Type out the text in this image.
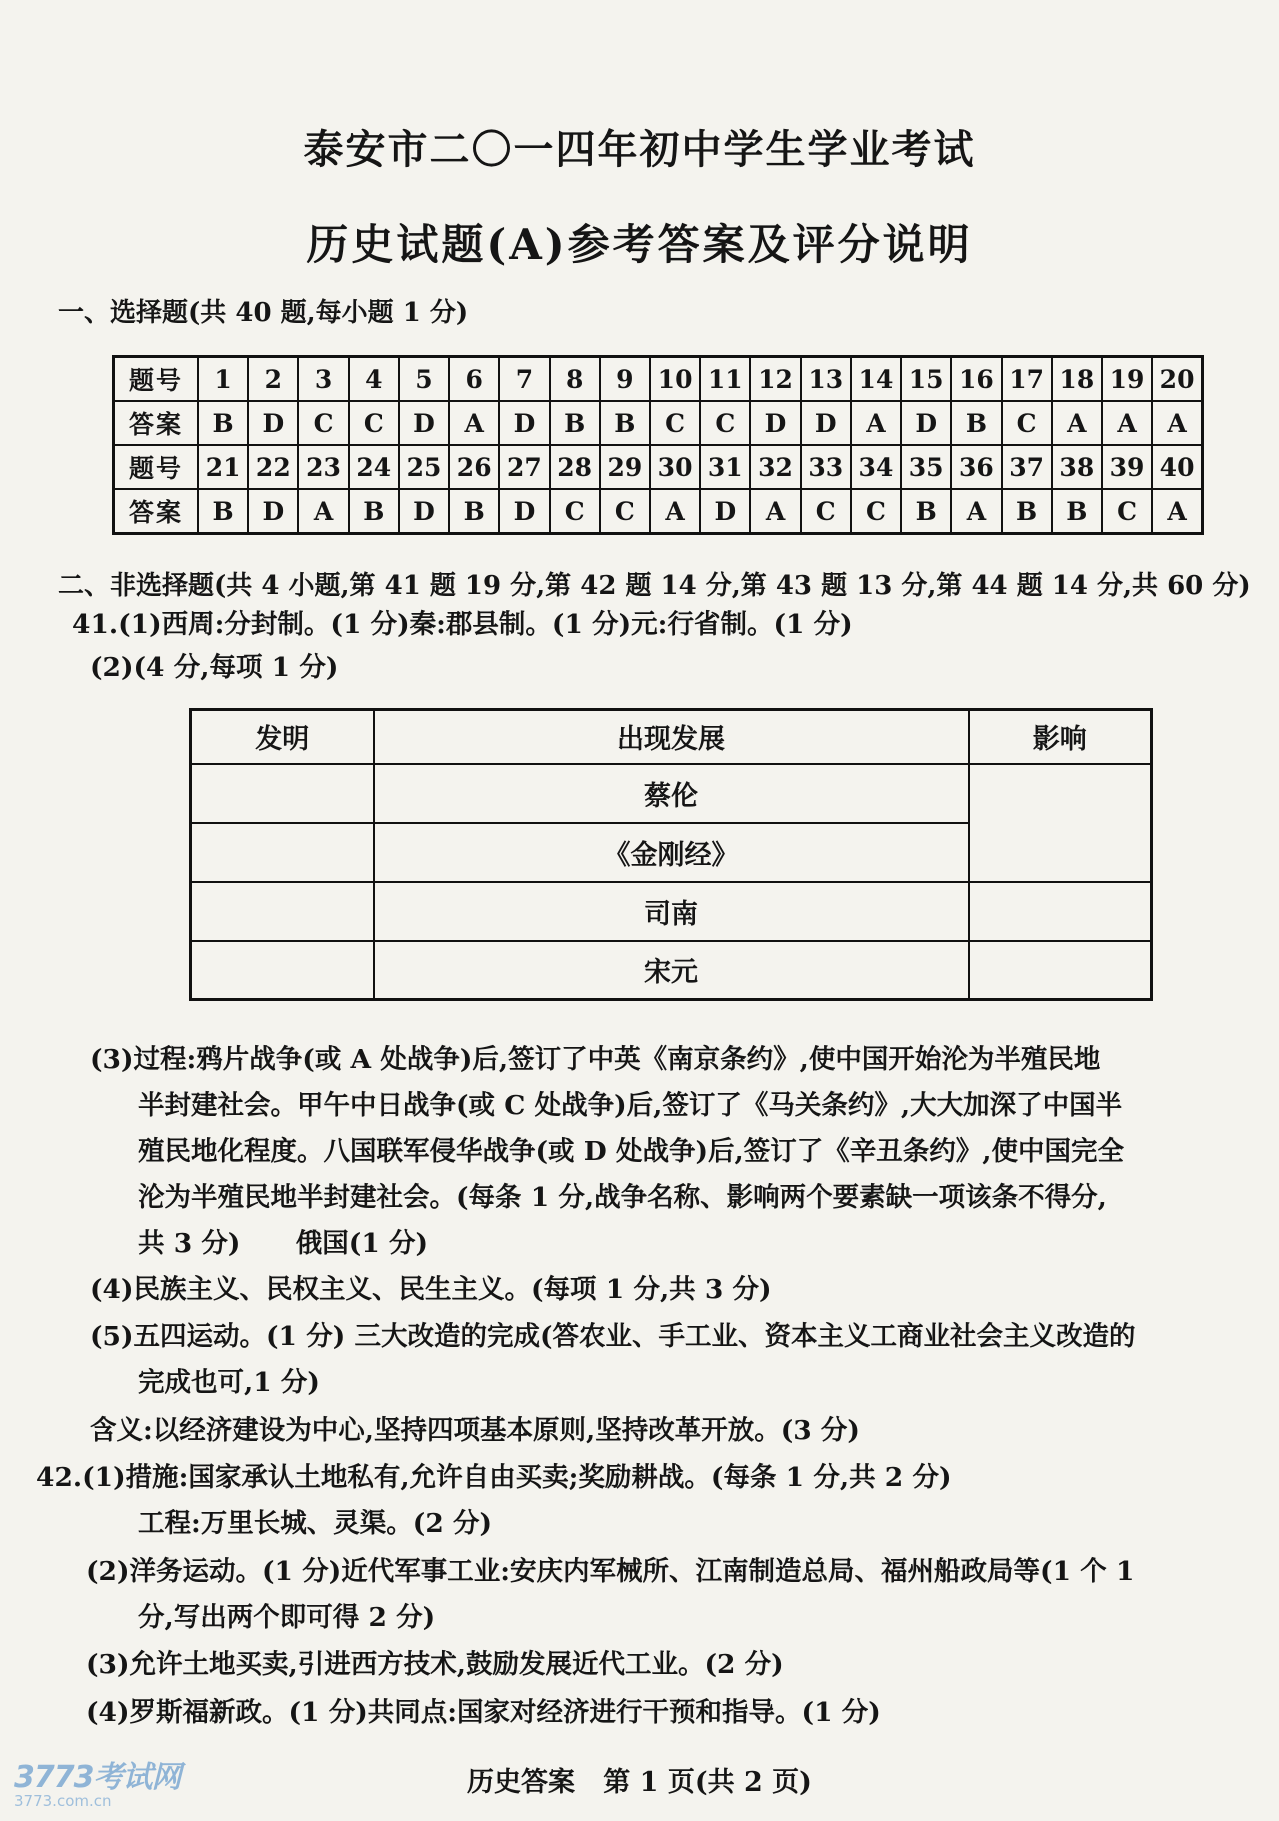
泰安市二〇一四年初中学生学业考试
历史试题(A)参考答案及评分说明
一、选择题(共 40 题,每小题 1 分)
题号	1	2	3	4	5	6	7	8	9	10	11	12	13	14	15	16	17	18	19	20
答案	B	D	C	C	D	A	D	B	B	C	C	D	D	A	D	B	C	A	A	A
题号	21	22	23	24	25	26	27	28	29	30	31	32	33	34	35	36	37	38	39	40
答案	B	D	A	B	D	B	D	C	C	A	D	A	C	C	B	A	B	B	C	A
二、非选择题(共 4 小题,第 41 题 19 分,第 42 题 14 分,第 43 题 13 分,第 44 题 14 分,共 60 分)
41.(1)西周:分封制。(1 分)秦:郡县制。(1 分)元:行省制。(1 分)
(2)(4 分,每项 1 分)
发明	出现发展	影响
	蔡伦	
	《金刚经》	
	司南	
	宋元	
(3)过程:鸦片战争(或 A 处战争)后,签订了中英《南京条约》,使中国开始沦为半殖民地
半封建社会。甲午中日战争(或 C 处战争)后,签订了《马关条约》,大大加深了中国半
殖民地化程度。八国联军侵华战争(或 D 处战争)后,签订了《辛丑条约》,使中国完全
沦为半殖民地半封建社会。(每条 1 分,战争名称、影响两个要素缺一项该条不得分,
共 3 分)      俄国(1 分)
(4)民族主义、民权主义、民生主义。(每项 1 分,共 3 分)
(5)五四运动。(1 分) 三大改造的完成(答农业、手工业、资本主义工商业社会主义改造的
完成也可,1 分)
含义:以经济建设为中心,坚持四项基本原则,坚持改革开放。(3 分)
42.(1)措施:国家承认土地私有,允许自由买卖;奖励耕战。(每条 1 分,共 2 分)
工程:万里长城、灵渠。(2 分)
(2)洋务运动。(1 分)近代军事工业:安庆内军械所、江南制造总局、福州船政局等(1 个 1
分,写出两个即可得 2 分)
(3)允许土地买卖,引进西方技术,鼓励发展近代工业。(2 分)
(4)罗斯福新政。(1 分)共同点:国家对经济进行干预和指导。(1 分)
历史答案   第 1 页(共 2 页)
3773考试网
3773.com.cn
